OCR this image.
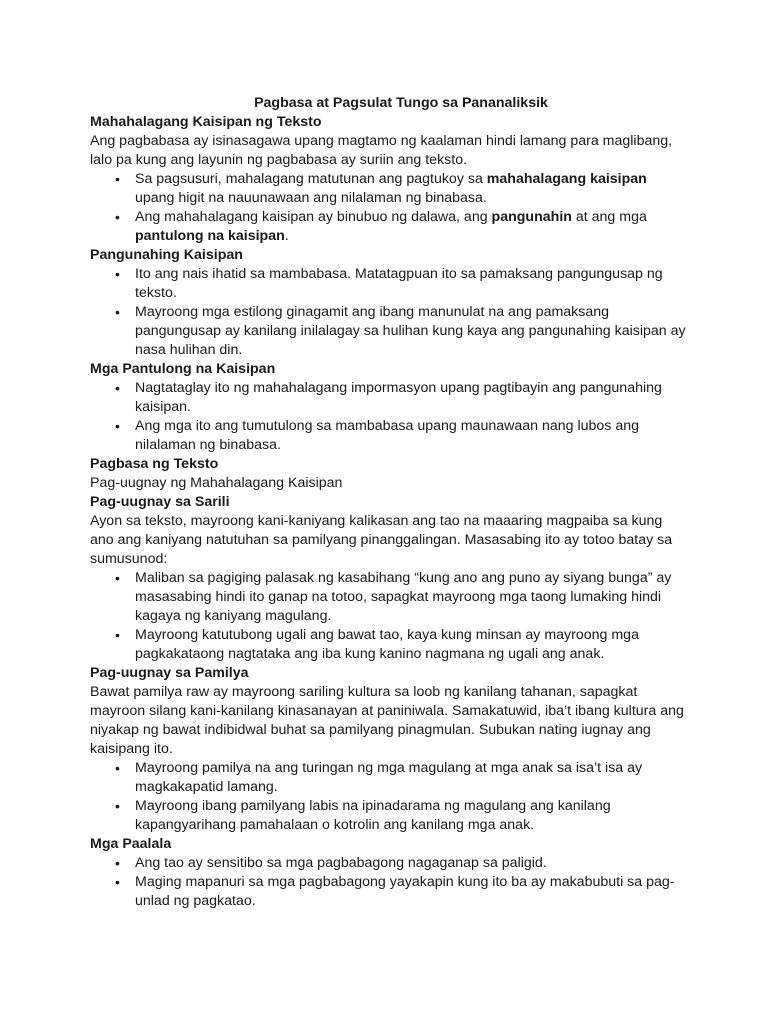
Pagbasa at Pagsulat Tungo sa Pananaliksik
Mahahalagang Kaisipan ng Teksto

Ang pagbabasa ay isinasagawa upang magtamo ng kaalaman hindi lamang para maglibang, lalo pa kung ang layunin ng pagbabasa ay suriin ang teksto.

• Sa pagsusuri, mahalagang matutunan ang pagtukoy sa mahahalagang kaisipan upang higit na nauunawaan ang nilalaman ng binabasa.
• Ang mahahalagang kaisipan ay binubuo ng dalawa, ang pangunahin at ang mga pantulong na kaisipan.
Pangunahing Kaisipan
• Ito ang nais ihatid sa mambabasa. Matatagpuan ito sa pamaksang pangungusap ng teksto.
• Mayroong mga estilong ginagamit ang ibang manunulat na ang pamaksang pangungusap ay kanilang inilalagay sa hulihan kung kaya ang pangunahing kaisipan ay nasa hulihan din.
Mga Pantulong na Kaisipan
• Nagtataglay ito ng mahahalagang impormasyon upang pagtibayin ang pangunahing kaisipan.
• Ang mga ito ang tumutulong sa mambabasa upang maunawaan nang lubos ang nilalaman ng binabasa.
Pagbasa ng Teksto

Pag-uugnay ng Mahahalagang Kaisipan

Pag-uugnay sa Sarili

Ayon sa teksto, mayroong kani-kaniyang kalikasan ang tao na maaaring magpaiba sa kung ano ang kaniyang natutuhan sa pamilyang pinanggalingan. Masasabing ito ay totoo batay sa sumusunod:

• Maliban sa pagiging palasak ng kasabihang “kung ano ang puno ay siyang bunga” ay masasabing hindi ito ganap na totoo, sapagkat mayroong mga taong lumaking hindi kagaya ng kaniyang magulang.
• Mayroong katutubong ugali ang bawat tao, kaya kung minsan ay mayroong mga pagkakataong nagtataka ang iba kung kanino nagmana ng ugali ang anak.
Pag-uugnay sa Pamilya

Bawat pamilya raw ay mayroong sariling kultura sa loob ng kanilang tahanan, sapagkat mayroon silang kani-kanilang kinasanayan at paniniwala. Samakatuwid, iba’t ibang kultura ang niyakap ng bawat indibidwal buhat sa pamilyang pinagmulan. Subukan nating iugnay ang kaisipang ito.

• Mayroong pamilya na ang turingan ng mga magulang at mga anak sa isa’t isa ay magkakapatid lamang.
• Mayroong ibang pamilyang labis na ipinadarama ng magulang ang kanilang kapangyarihang pamahalaan o kotrolin ang kanilang mga anak.
Mga Paalala
• Ang tao ay sensitibo sa mga pagbabagong nagaganap sa paligid.
• Maging mapanuri sa mga pagbabagong yayakapin kung ito ba ay makabubuti sa pag-unlad ng pagkatao.
